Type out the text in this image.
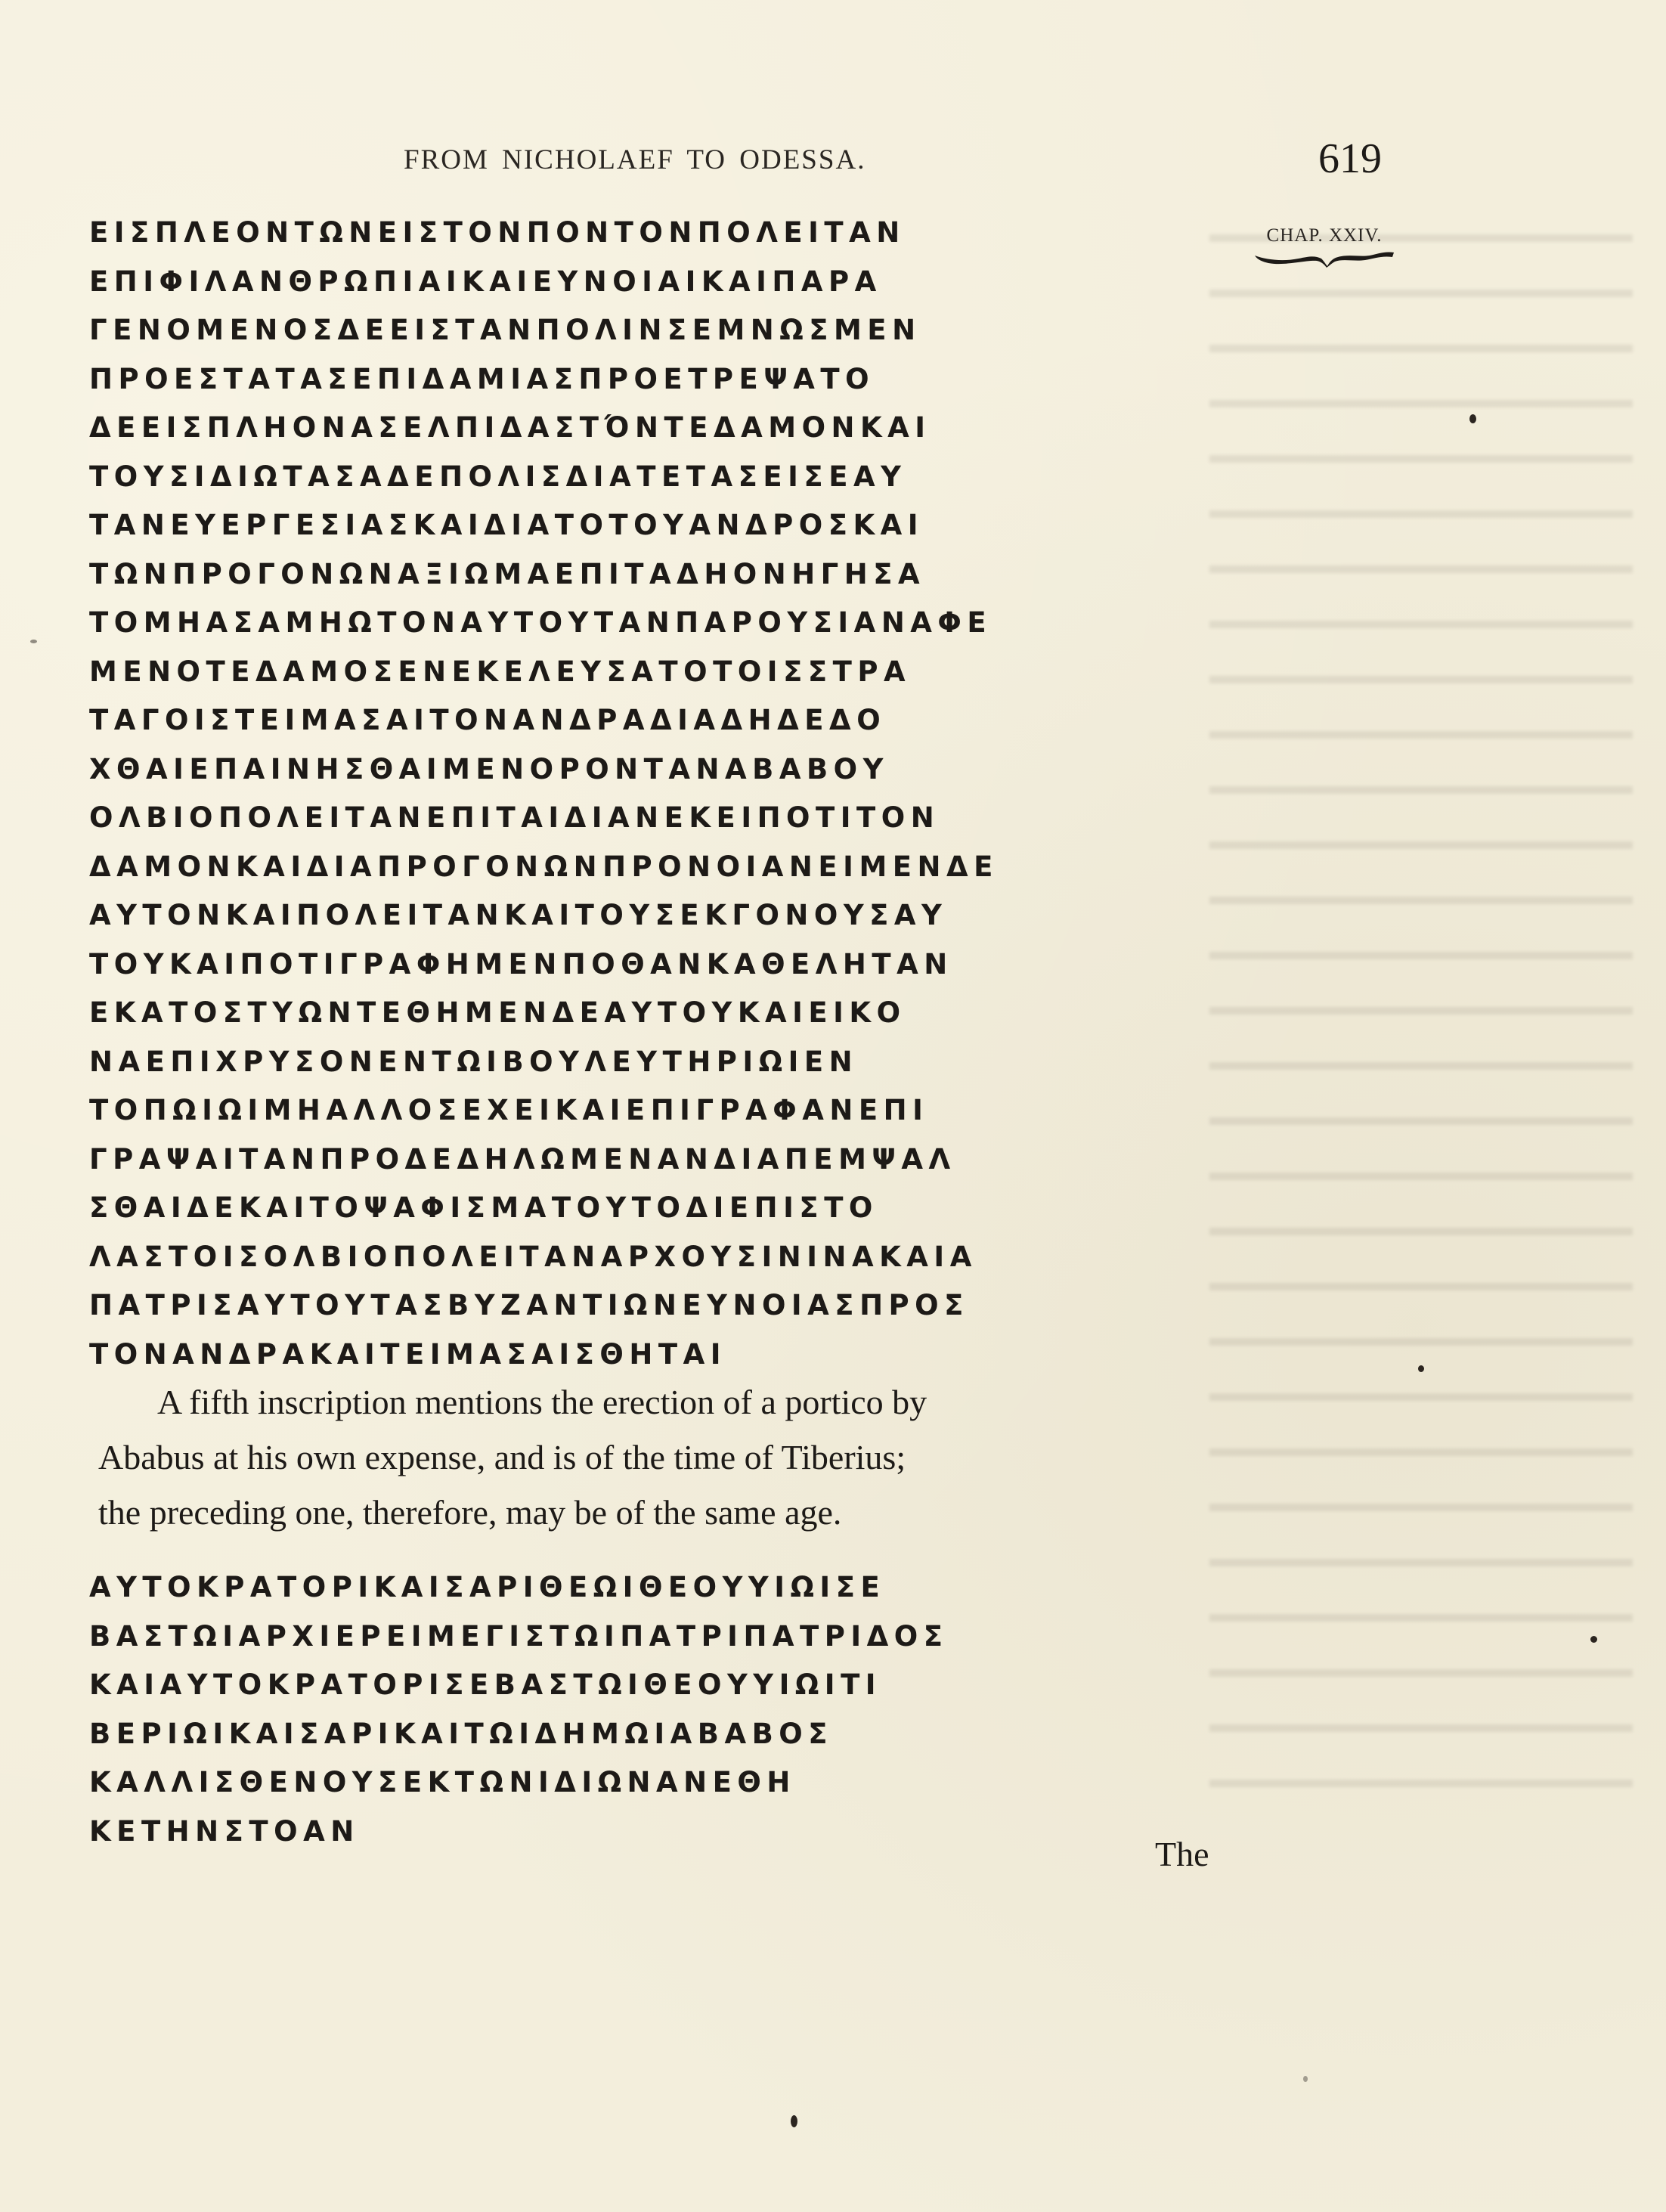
FROM NICHOLAEF TO ODESSA.	619
CHAP. XXIV.
ΕΙΣΠΛΕΟΝΤΩΝΕΙΣΤΟΝΠΟΝΤΟΝΠΟΛΕΙΤΑΝ
ΕΠΙΦΙΛΑΝΘΡΩΠΙΑΙΚΑΙΕΥΝΟΙΑΙΚΑΙΠΑΡΑ
ΓΕΝΟΜΕΝΟΣΔΕΕΙΣΤΑΝΠΟΛΙΝΣΕΜΝΩΣΜΕΝ
ΠΡΟΕΣΤΑΤΑΣΕΠΙΔΑΜΙΑΣΠΡΟΕΤΡΕΨΑΤΟ
ΔΕΕΙΣΠΛΗΟΝΑΣΕΛΠΙΔΑΣΤΌΝΤΕΔΑΜΟΝΚΑΙ
ΤΟΥΣΙΔΙΩΤΑΣΑΔΕΠΟΛΙΣΔΙΑΤΕΤΑΣΕΙΣΕΑΥ
ΤΑΝΕΥΕΡΓΕΣΙΑΣΚΑΙΔΙΑΤΟΤΟΥΑΝΔΡΟΣΚΑΙ
ΤΩΝΠΡΟΓΟΝΩΝΑΞΙΩΜΑΕΠΙΤΑΔΗΟΝΗΓΗΣΑ
ΤΟΜΗΑΣΑΜΗΩΤΟΝΑΥΤΟΥΤΑΝΠΑΡΟΥΣΙΑΝΑΦΕ
ΜΕΝΟΤΕΔΑΜΟΣΕΝΕΚΕΛΕΥΣΑΤΟΤΟΙΣΣΤΡΑ
ΤΑΓΟΙΣΤΕΙΜΑΣΑΙΤΟΝΑΝΔΡΑΔΙΑΔΗΔΕΔΟ
ΧΘΑΙΕΠΑΙΝΗΣΘΑΙΜΕΝΟΡΟΝΤΑΝΑΒΑΒΟΥ
ΟΛΒΙΟΠΟΛΕΙΤΑΝΕΠΙΤΑΙΔΙΑΝΕΚΕΙΠΟΤΙΤΟΝ
ΔΑΜΟΝΚΑΙΔΙΑΠΡΟΓΟΝΩΝΠΡΟΝΟΙΑΝΕΙΜΕΝΔΕ
ΑΥΤΟΝΚΑΙΠΟΛΕΙΤΑΝΚΑΙΤΟΥΣΕΚΓΟΝΟΥΣΑΥ
ΤΟΥΚΑΙΠΟΤΙΓΡΑΦΗΜΕΝΠΟΘΑΝΚΑΘΕΛΗΤΑΝ
ΕΚΑΤΟΣΤΥΩΝΤΕΘΗΜΕΝΔΕΑΥΤΟΥΚΑΙΕΙΚΟ
ΝΑΕΠΙΧΡΥΣΟΝΕΝΤΩΙΒΟΥΛΕΥΤΗΡΙΩΙΕΝ
ΤΟΠΩΙΩΙΜΗΑΛΛΟΣΕΧΕΙΚΑΙΕΠΙΓΡΑΦΑΝΕΠΙ
ΓΡΑΨΑΙΤΑΝΠΡΟΔΕΔΗΛΩΜΕΝΑΝΔΙΑΠΕΜΨΑΛ
ΣΘΑΙΔΕΚΑΙΤΟΨΑΦΙΣΜΑΤΟΥΤΟΔΙΕΠΙΣΤΟ
ΛΑΣΤΟΙΣΟΛΒΙΟΠΟΛΕΙΤΑΝΑΡΧΟΥΣΙΝΙΝΑΚΑΙΑ
ΠΑΤΡΙΣΑΥΤΟΥΤΑΣΒΥΖΑΝΤΙΩΝΕΥΝΟΙΑΣΠΡΟΣ
ΤΟΝΑΝΔΡΑΚΑΙΤΕΙΜΑΣΑΙΣΘΗΤΑΙ
A fifth inscription mentions the erection of a portico by
Ababus at his own expense, and is of the time of Tiberius;
the preceding one, therefore, may be of the same age.
ΑΥΤΟΚΡΑΤΟΡΙΚΑΙΣΑΡΙΘΕΩΙΘΕΟΥΥΙΩΙΣΕ
ΒΑΣΤΩΙΑΡΧΙΕΡΕΙΜΕΓΙΣΤΩΙΠΑΤΡΙΠΑΤΡΙΔΟΣ
ΚΑΙΑΥΤΟΚΡΑΤΟΡΙΣΕΒΑΣΤΩΙΘΕΟΥΥΙΩΙΤΙ
ΒΕΡΙΩΙΚΑΙΣΑΡΙΚΑΙΤΩΙΔΗΜΩΙΑΒΑΒΟΣ
ΚΑΛΛΙΣΘΕΝΟΥΣΕΚΤΩΝΙΔΙΩΝΑΝΕΘΗ
ΚΕΤΗΝΣΤΟΑΝ
The
